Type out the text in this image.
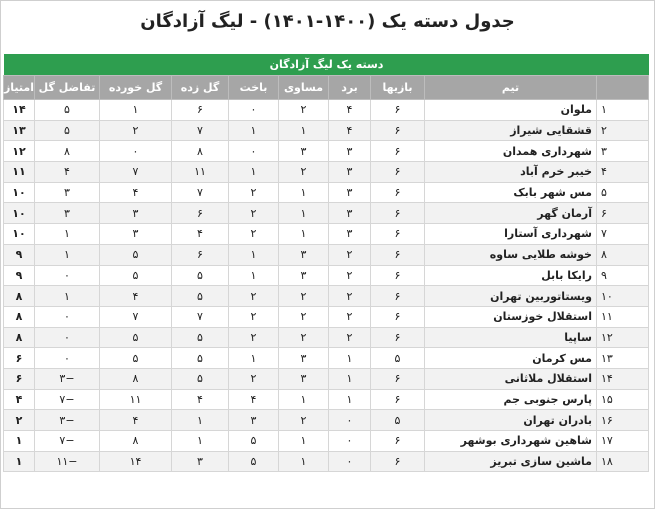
جدول دسته یک (۱۴۰۰-۱۴۰۱) - لیگ آزادگان
دسته یک لیگ آزادگان
	تیم	بازیها	برد	مساوی	باخت	گل زده	گل خورده	تفاضل گل	امتیاز
۱	ملوان	۶	۴	۲	۰	۶	۱	۵	۱۴
۲	قشقایی شیراز	۶	۴	۱	۱	۷	۲	۵	۱۳
۳	شهرداری همدان	۶	۳	۳	۰	۸	۰	۸	۱۲
۴	خیبر خرم آباد	۶	۳	۲	۱	۱۱	۷	۴	۱۱
۵	مس شهر بابک	۶	۳	۱	۲	۷	۴	۳	۱۰
۶	آرمان گهر	۶	۳	۱	۲	۶	۳	۳	۱۰
۷	شهرداری آستارا	۶	۳	۱	۲	۴	۳	۱	۱۰
۸	خوشه طلایی ساوه	۶	۲	۳	۱	۶	۵	۱	۹
۹	رایکا بابل	۶	۲	۳	۱	۵	۵	۰	۹
۱۰	ویستاتوربین تهران	۶	۲	۲	۲	۵	۴	۱	۸
۱۱	استقلال خوزستان	۶	۲	۲	۲	۷	۷	۰	۸
۱۲	ساپیا	۶	۲	۲	۲	۵	۵	۰	۸
۱۳	مس کرمان	۵	۱	۳	۱	۵	۵	۰	۶
۱۴	استقلال ملاثانی	۶	۱	۳	۲	۵	۸	−۳	۶
۱۵	پارس جنوبی جم	۶	۱	۱	۴	۴	۱۱	−۷	۴
۱۶	بادران تهران	۵	۰	۲	۳	۱	۴	−۳	۲
۱۷	شاهین شهرداری بوشهر	۶	۰	۱	۵	۱	۸	−۷	۱
۱۸	ماشین سازی تبریز	۶	۰	۱	۵	۳	۱۴	−۱۱	۱
